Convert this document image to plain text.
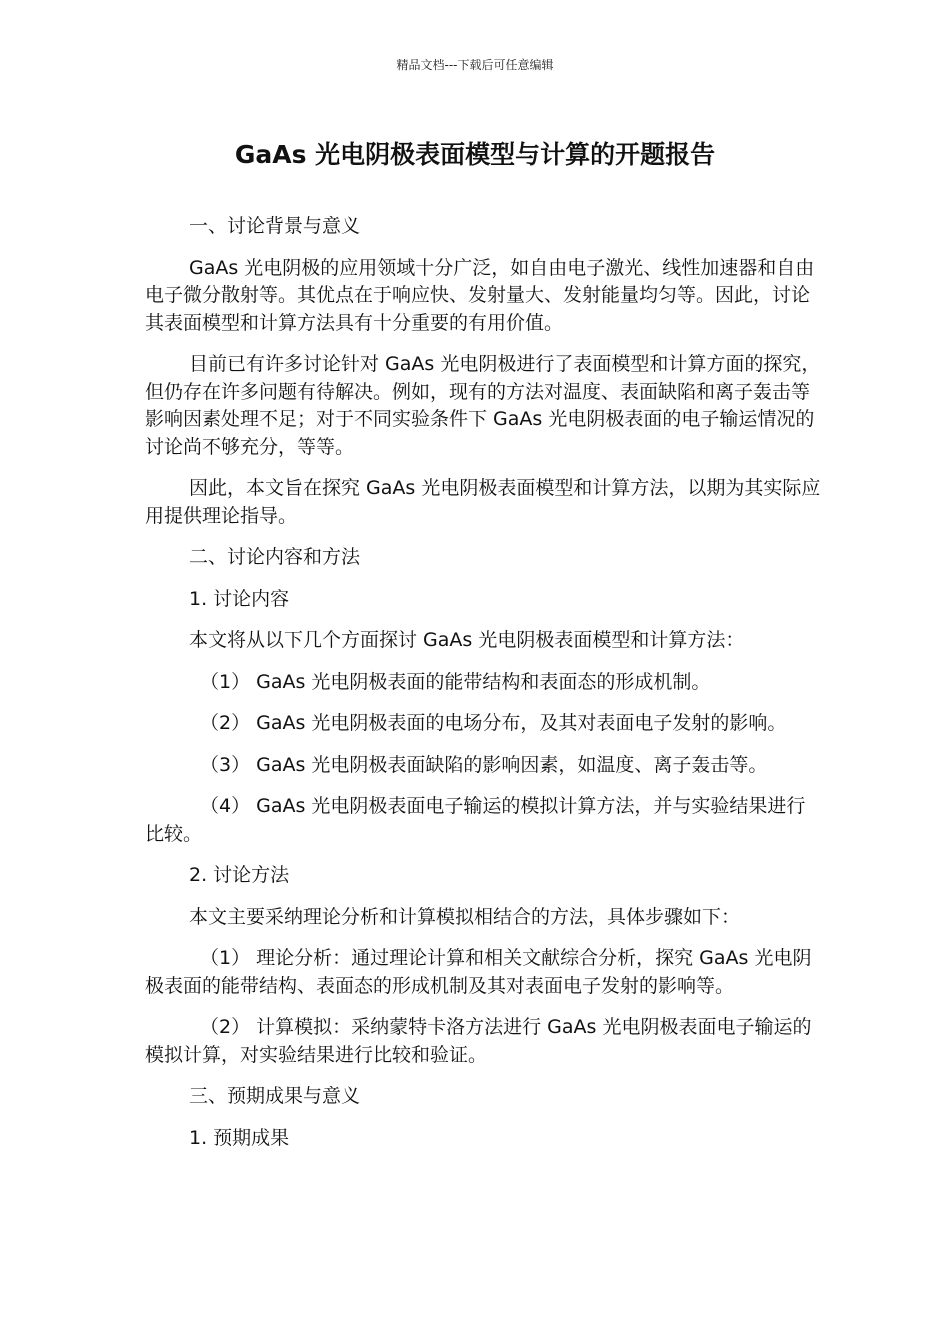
精品文档---下载后可任意编辑
GaAs 光电阴极表面模型与计算的开题报告

一、讨论背景与意义

GaAs 光电阴极的应用领域十分广泛，如自由电子激光、线性加速器和自由电子微分散射等。其优点在于响应快、发射量大、发射能量均匀等。因此，讨论其表面模型和计算方法具有十分重要的有用价值。

目前已有许多讨论针对 GaAs 光电阴极进行了表面模型和计算方面的探究，但仍存在许多问题有待解决。例如，现有的方法对温度、表面缺陷和离子轰击等影响因素处理不足；对于不同实验条件下 GaAs 光电阴极表面的电子输运情况的讨论尚不够充分，等等。

因此，本文旨在探究 GaAs 光电阴极表面模型和计算方法，以期为其实际应用提供理论指导。

二、讨论内容和方法

1. 讨论内容

本文将从以下几个方面探讨 GaAs 光电阴极表面模型和计算方法：

（1） GaAs 光电阴极表面的能带结构和表面态的形成机制。

（2） GaAs 光电阴极表面的电场分布，及其对表面电子发射的影响。

（3） GaAs 光电阴极表面缺陷的影响因素，如温度、离子轰击等。

（4） GaAs 光电阴极表面电子输运的模拟计算方法，并与实验结果进行比较。

2. 讨论方法

本文主要采纳理论分析和计算模拟相结合的方法，具体步骤如下：

（1） 理论分析：通过理论计算和相关文献综合分析，探究 GaAs 光电阴极表面的能带结构、表面态的形成机制及其对表面电子发射的影响等。

（2） 计算模拟：采纳蒙特卡洛方法进行 GaAs 光电阴极表面电子输运的模拟计算，对实验结果进行比较和验证。

三、预期成果与意义

1. 预期成果
